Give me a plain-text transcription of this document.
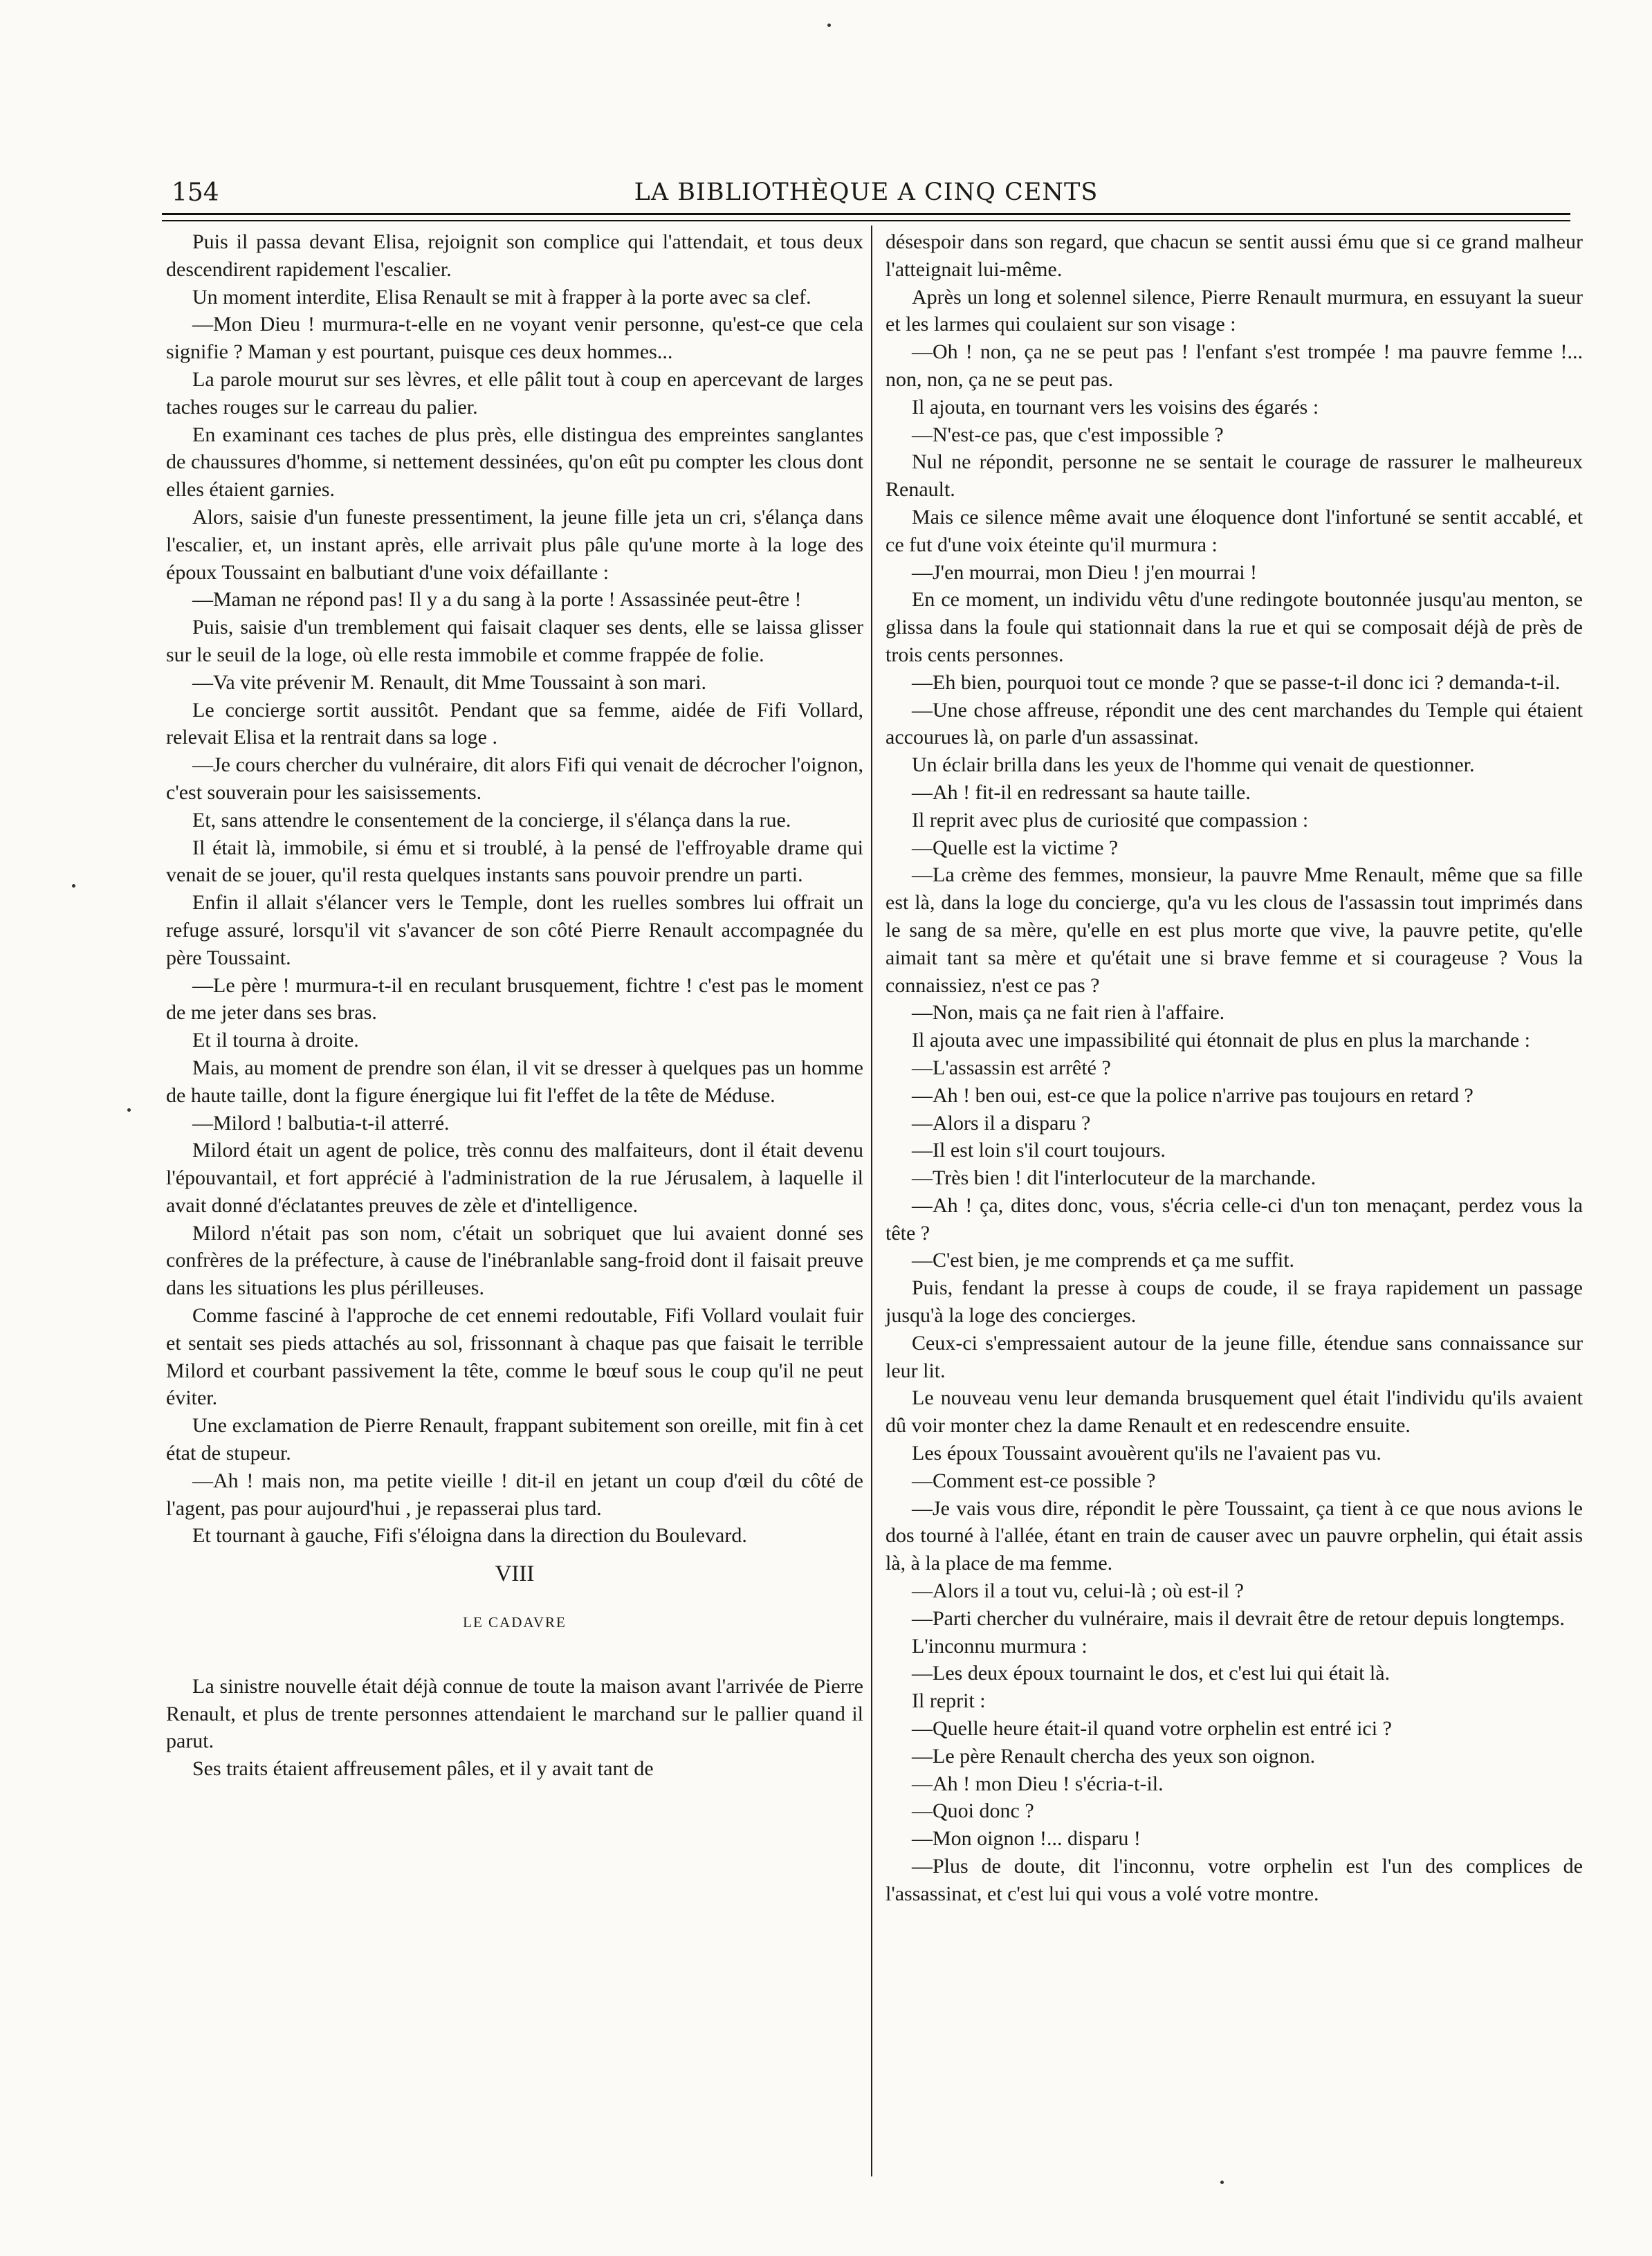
154	LA BIBLIOTHÈQUE A CINQ CENTS

Puis il passa devant Elisa, rejoignit son complice qui l'attendait, et tous deux descendirent rapidement l'escalier.

Un moment interdite, Elisa Renault se mit à frapper à la porte avec sa clef.

—Mon Dieu ! murmura-t-elle en ne voyant venir personne, qu'est-ce que cela signifie ? Maman y est pourtant, puisque ces deux hommes...

La parole mourut sur ses lèvres, et elle pâlit tout à coup en apercevant de larges taches rouges sur le carreau du palier.

En examinant ces taches de plus près, elle distingua des empreintes sanglantes de chaussures d'homme, si nettement dessinées, qu'on eût pu compter les clous dont elles étaient garnies.

Alors, saisie d'un funeste pressentiment, la jeune fille jeta un cri, s'élança dans l'escalier, et, un instant après, elle arrivait plus pâle qu'une morte à la loge des époux Toussaint en balbutiant d'une voix défaillante :

—Maman ne répond pas! Il y a du sang à la porte ! Assassinée peut-être !

Puis, saisie d'un tremblement qui faisait claquer ses dents, elle se laissa glisser sur le seuil de la loge, où elle resta immobile et comme frappée de folie.

—Va vite prévenir M. Renault, dit Mme Toussaint à son mari.

Le concierge sortit aussitôt. Pendant que sa femme, aidée de Fifi Vollard, relevait Elisa et la rentrait dans sa loge .

—Je cours chercher du vulnéraire, dit alors Fifi qui venait de décrocher l'oignon, c'est souverain pour les saisissements.

Et, sans attendre le consentement de la concierge, il s'élança dans la rue.

Il était là, immobile, si ému et si troublé, à la pensé de l'effroyable drame qui venait de se jouer, qu'il resta quelques instants sans pouvoir prendre un parti.

Enfin il allait s'élancer vers le Temple, dont les ruelles sombres lui offrait un refuge assuré, lorsqu'il vit s'avancer de son côté Pierre Renault accompagnée du père Toussaint.

—Le père ! murmura-t-il en reculant brusquement, fichtre ! c'est pas le moment de me jeter dans ses bras.

Et il tourna à droite.

Mais, au moment de prendre son élan, il vit se dresser à quelques pas un homme de haute taille, dont la figure énergique lui fit l'effet de la tête de Méduse.

—Milord ! balbutia-t-il atterré.

Milord était un agent de police, très connu des malfaiteurs, dont il était devenu l'épouvantail, et fort apprécié à l'administration de la rue Jérusalem, à laquelle il avait donné d'éclatantes preuves de zèle et d'intelligence.

Milord n'était pas son nom, c'était un sobriquet que lui avaient donné ses confrères de la préfecture, à cause de l'inébranlable sang-froid dont il faisait preuve dans les situations les plus périlleuses.

Comme fasciné à l'approche de cet ennemi redoutable, Fifi Vollard voulait fuir et sentait ses pieds attachés au sol, frissonnant à chaque pas que faisait le terrible Milord et courbant passivement la tête, comme le bœuf sous le coup qu'il ne peut éviter.

Une exclamation de Pierre Renault, frappant subitement son oreille, mit fin à cet état de stupeur.

—Ah ! mais non, ma petite vieille ! dit-il en jetant un coup d'œil du côté de l'agent, pas pour aujourd'hui , je repasserai plus tard.

Et tournant à gauche, Fifi s'éloigna dans la direction du Boulevard.

VIII
LE CADAVRE

La sinistre nouvelle était déjà connue de toute la maison avant l'arrivée de Pierre Renault, et plus de trente personnes attendaient le marchand sur le pallier quand il parut.

Ses traits étaient affreusement pâles, et il y avait tant de

désespoir dans son regard, que chacun se sentit aussi ému que si ce grand malheur l'atteignait lui-même.

Après un long et solennel silence, Pierre Renault murmura, en essuyant la sueur et les larmes qui coulaient sur son visage :

—Oh ! non, ça ne se peut pas ! l'enfant s'est trompée ! ma pauvre femme !... non, non, ça ne se peut pas.

Il ajouta, en tournant vers les voisins des égarés :

—N'est-ce pas, que c'est impossible ?

Nul ne répondit, personne ne se sentait le courage de rassurer le malheureux Renault.

Mais ce silence même avait une éloquence dont l'infortuné se sentit accablé, et ce fut d'une voix éteinte qu'il murmura :

—J'en mourrai, mon Dieu ! j'en mourrai !

En ce moment, un individu vêtu d'une redingote boutonnée jusqu'au menton, se glissa dans la foule qui stationnait dans la rue et qui se composait déjà de près de trois cents personnes.

—Eh bien, pourquoi tout ce monde ? que se passe-t-il donc ici ? demanda-t-il.

—Une chose affreuse, répondit une des cent marchandes du Temple qui étaient accourues là, on parle d'un assassinat.

Un éclair brilla dans les yeux de l'homme qui venait de questionner.

—Ah ! fit-il en redressant sa haute taille.

Il reprit avec plus de curiosité que compassion :

—Quelle est la victime ?

—La crème des femmes, monsieur, la pauvre Mme Renault, même que sa fille est là, dans la loge du concierge, qu'a vu les clous de l'assassin tout imprimés dans le sang de sa mère, qu'elle en est plus morte que vive, la pauvre petite, qu'elle aimait tant sa mère et qu'était une si brave femme et si courageuse ? Vous la connaissiez, n'est ce pas ?

—Non, mais ça ne fait rien à l'affaire.

Il ajouta avec une impassibilité qui étonnait de plus en plus la marchande :

—L'assassin est arrêté ?

—Ah ! ben oui, est-ce que la police n'arrive pas toujours en retard ?

—Alors il a disparu ?

—Il est loin s'il court toujours.

—Très bien ! dit l'interlocuteur de la marchande.

—Ah ! ça, dites donc, vous, s'écria celle-ci d'un ton menaçant, perdez vous la tête ?

—C'est bien, je me comprends et ça me suffit.

Puis, fendant la presse à coups de coude, il se fraya rapidement un passage jusqu'à la loge des concierges.

Ceux-ci s'empressaient autour de la jeune fille, étendue sans connaissance sur leur lit.

Le nouveau venu leur demanda brusquement quel était l'individu qu'ils avaient dû voir monter chez la dame Renault et en redescendre ensuite.

Les époux Toussaint avouèrent qu'ils ne l'avaient pas vu.

—Comment est-ce possible ?

—Je vais vous dire, répondit le père Toussaint, ça tient à ce que nous avions le dos tourné à l'allée, étant en train de causer avec un pauvre orphelin, qui était assis là, à la place de ma femme.

—Alors il a tout vu, celui-là ; où est-il ?

—Parti chercher du vulnéraire, mais il devrait être de retour depuis longtemps.

L'inconnu murmura :

—Les deux époux tournaint le dos, et c'est lui qui était là.

Il reprit :

—Quelle heure était-il quand votre orphelin est entré ici ?

—Le père Renault chercha des yeux son oignon.

—Ah ! mon Dieu ! s'écria-t-il.

—Quoi donc ?

—Mon oignon !... disparu !

—Plus de doute, dit l'inconnu, votre orphelin est l'un des complices de l'assassinat, et c'est lui qui vous a volé votre montre.
